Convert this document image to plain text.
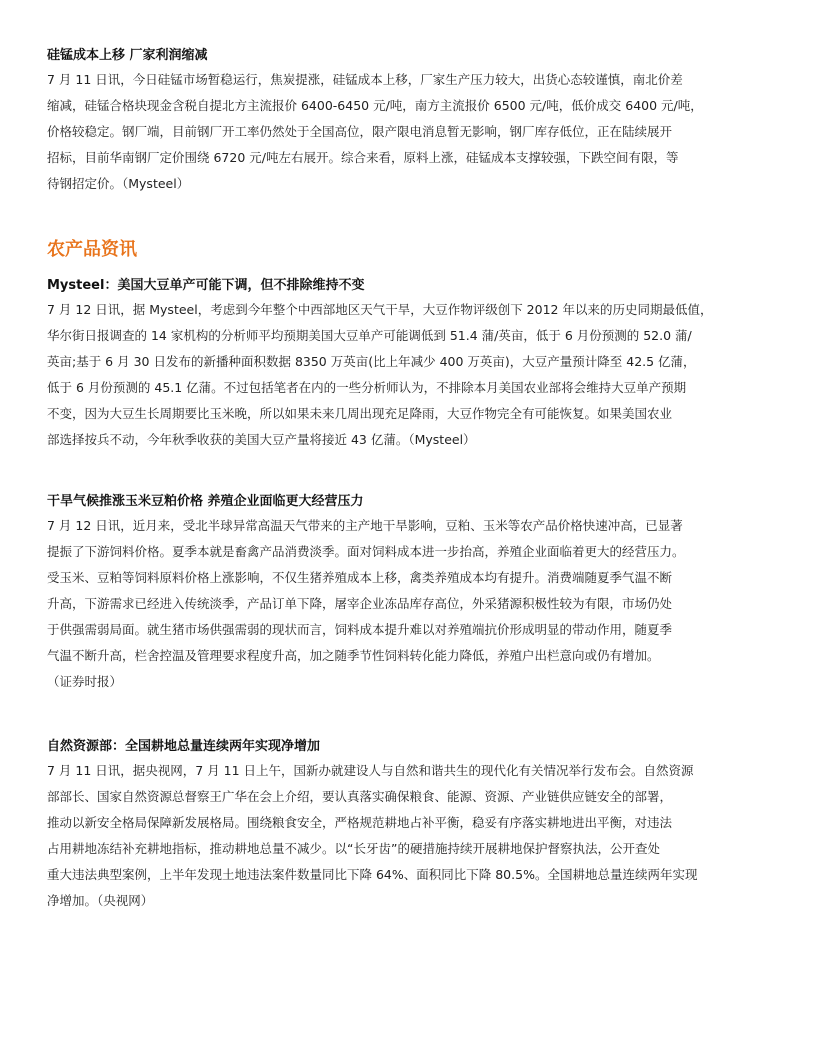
硅锰成本上移 厂家利润缩减

7 月 11 日讯，今日硅锰市场暂稳运行，焦炭提涨，硅锰成本上移，厂家生产压力较大，出货心态较谨慎，南北价差
缩减，硅锰合格块现金含税自提北方主流报价 6400-6450 元/吨，南方主流报价 6500 元/吨，低价成交 6400 元/吨，
价格较稳定。钢厂端，目前钢厂开工率仍然处于全国高位，限产限电消息暂无影响，钢厂库存低位，正在陆续展开
招标，目前华南钢厂定价围绕 6720 元/吨左右展开。综合来看，原料上涨，硅锰成本支撑较强，下跌空间有限，等
待钢招定价。（Mysteel）

农产品资讯

Mysteel：美国大豆单产可能下调，但不排除维持不变

7 月 12 日讯，据 Mysteel，考虑到今年整个中西部地区天气干旱，大豆作物评级创下 2012 年以来的历史同期最低值，
华尔街日报调查的 14 家机构的分析师平均预期美国大豆单产可能调低到 51.4 蒲/英亩，低于 6 月份预测的 52.0 蒲/
英亩;基于 6 月 30 日发布的新播种面积数据 8350 万英亩(比上年减少 400 万英亩)，大豆产量预计降至 42.5 亿蒲，
低于 6 月份预测的 45.1 亿蒲。不过包括笔者在内的一些分析师认为，不排除本月美国农业部将会维持大豆单产预期
不变，因为大豆生长周期要比玉米晚，所以如果未来几周出现充足降雨，大豆作物完全有可能恢复。如果美国农业
部选择按兵不动，今年秋季收获的美国大豆产量将接近 43 亿蒲。（Mysteel）

干旱气候推涨玉米豆粕价格 养殖企业面临更大经营压力

7 月 12 日讯，近月来，受北半球异常高温天气带来的主产地干旱影响，豆粕、玉米等农产品价格快速冲高，已显著
提振了下游饲料价格。夏季本就是畜禽产品消费淡季。面对饲料成本进一步抬高，养殖企业面临着更大的经营压力。
受玉米、豆粕等饲料原料价格上涨影响，不仅生猪养殖成本上移，禽类养殖成本均有提升。消费端随夏季气温不断
升高，下游需求已经进入传统淡季，产品订单下降，屠宰企业冻品库存高位，外采猪源积极性较为有限，市场仍处
于供强需弱局面。就生猪市场供强需弱的现状而言，饲料成本提升难以对养殖端抗价形成明显的带动作用，随夏季
气温不断升高，栏舍控温及管理要求程度升高，加之随季节性饲料转化能力降低，养殖户出栏意向或仍有增加。
（证券时报）

自然资源部：全国耕地总量连续两年实现净增加

7 月 11 日讯，据央视网，7 月 11 日上午，国新办就建设人与自然和谐共生的现代化有关情况举行发布会。自然资源
部部长、国家自然资源总督察王广华在会上介绍，要认真落实确保粮食、能源、资源、产业链供应链安全的部署，
推动以新安全格局保障新发展格局。围绕粮食安全，严格规范耕地占补平衡，稳妥有序落实耕地进出平衡，对违法
占用耕地冻结补充耕地指标，推动耕地总量不减少。以“长牙齿”的硬措施持续开展耕地保护督察执法，公开查处
重大违法典型案例，上半年发现土地违法案件数量同比下降 64%、面积同比下降 80.5%。全国耕地总量连续两年实现
净增加。（央视网）
